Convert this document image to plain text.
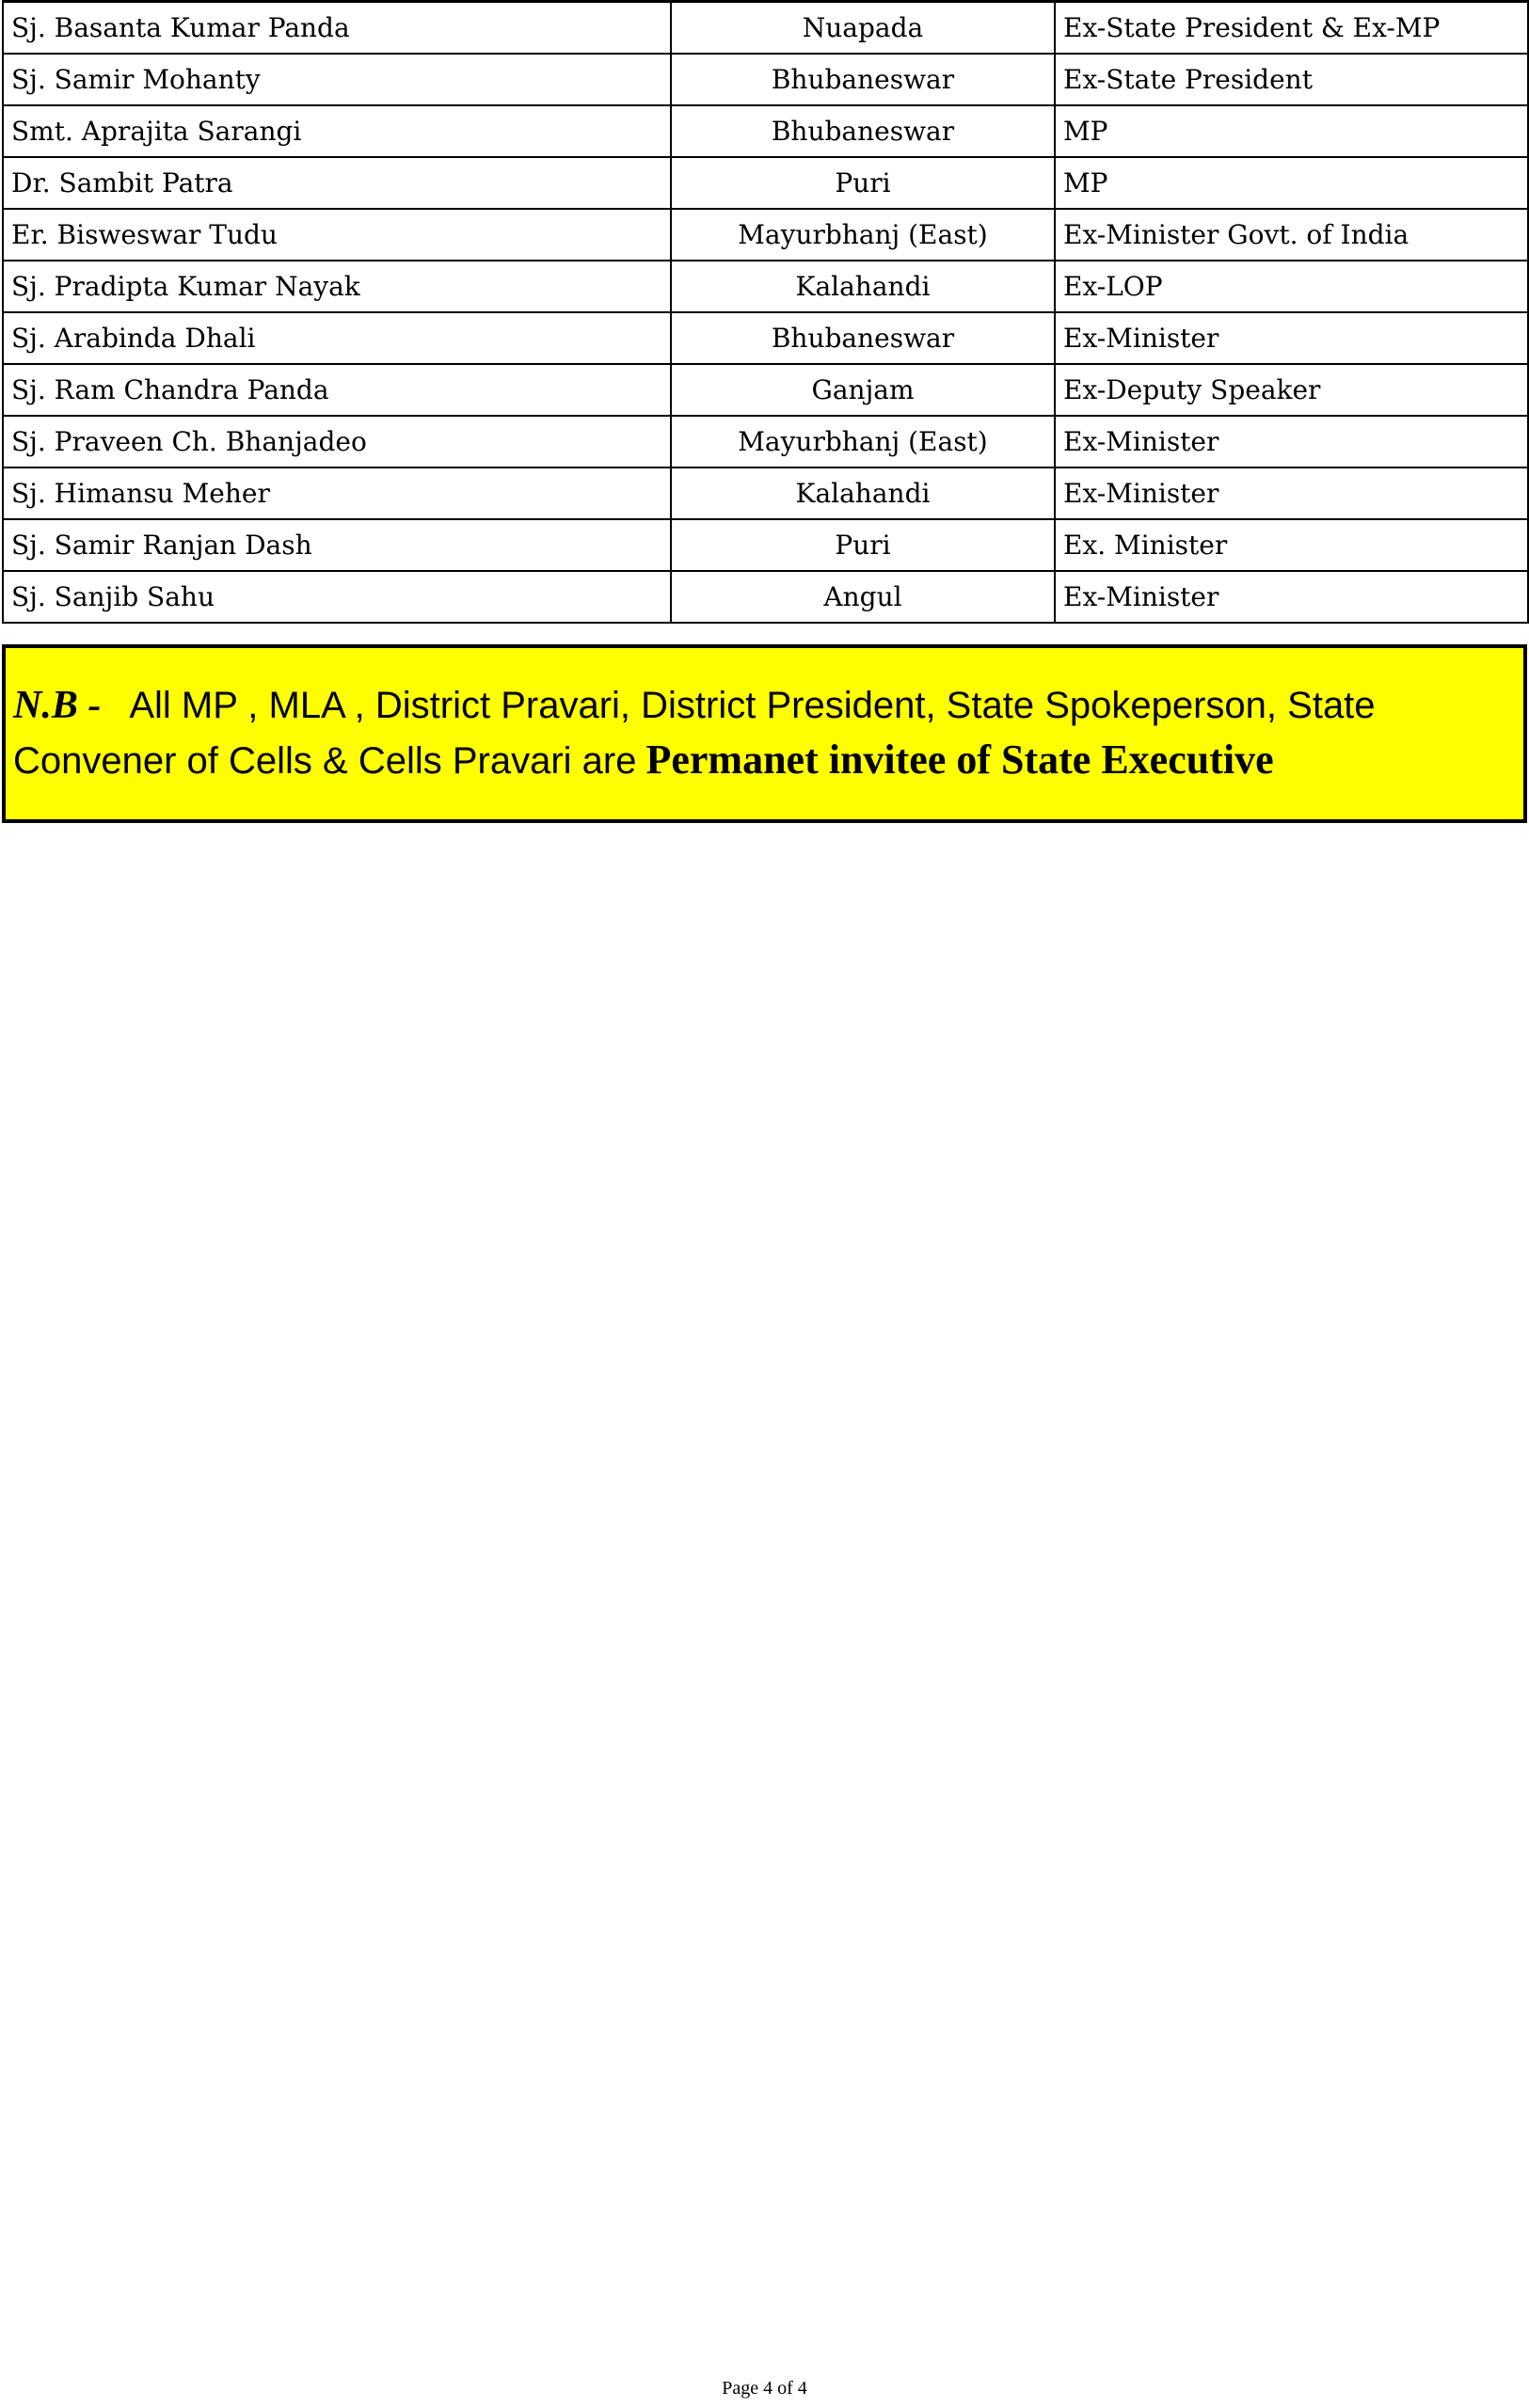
Sj. Basanta Kumar Panda	Nuapada	Ex-State President & Ex-MP
Sj. Samir Mohanty	Bhubaneswar	Ex-State President
Smt. Aprajita Sarangi	Bhubaneswar	MP
Dr. Sambit Patra	Puri	MP
Er. Bisweswar Tudu	Mayurbhanj (East)	Ex-Minister Govt. of India
Sj. Pradipta Kumar Nayak	Kalahandi	Ex-LOP
Sj. Arabinda Dhali	Bhubaneswar	Ex-Minister
Sj. Ram Chandra Panda	Ganjam	Ex-Deputy Speaker
Sj. Praveen Ch. Bhanjadeo	Mayurbhanj (East)	Ex-Minister
Sj. Himansu Meher	Kalahandi	Ex-Minister
Sj. Samir Ranjan Dash	Puri	Ex. Minister
Sj. Sanjib Sahu	Angul	Ex-Minister
N.B - All MP , MLA , District Pravari, District President, State Spokeperson, State Convener of Cells & Cells Pravari are Permanet invitee of State Executive
Page 4 of 4
